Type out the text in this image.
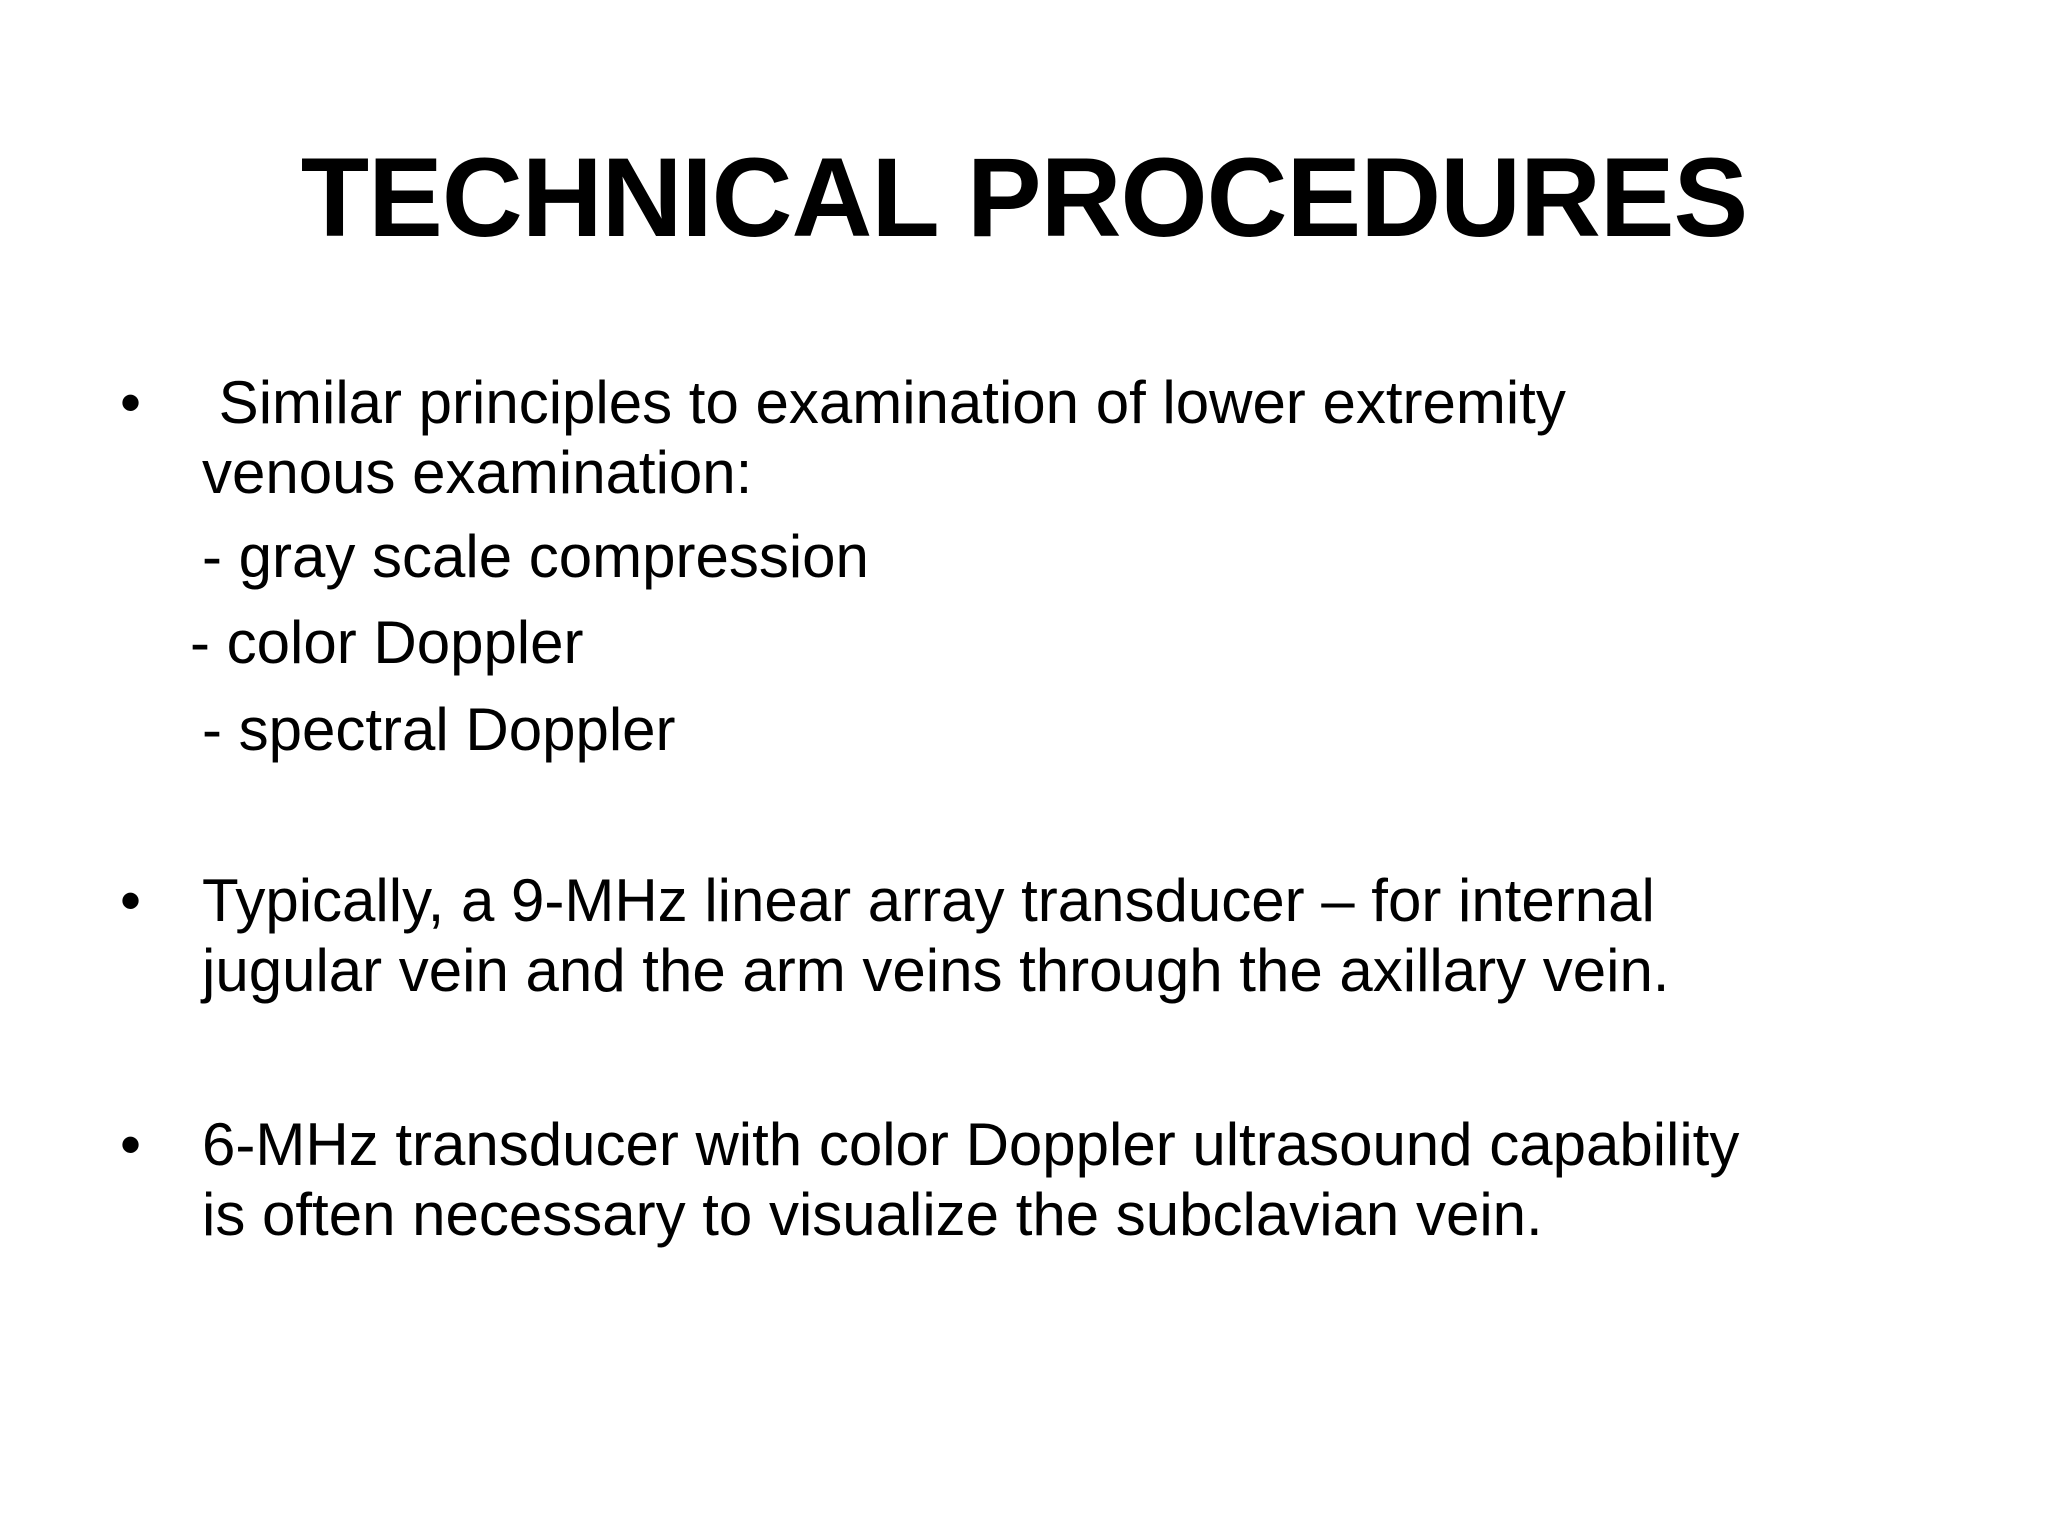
TECHNICAL PROCEDURES
• Similar principles to examination of lower extremity
venous examination:
- gray scale compression
- color Doppler
- spectral Doppler
• Typically, a 9-MHz linear array transducer – for internal
jugular vein and the arm veins through the axillary vein.
• 6-MHz transducer with color Doppler ultrasound capability
is often necessary to visualize the subclavian vein.
